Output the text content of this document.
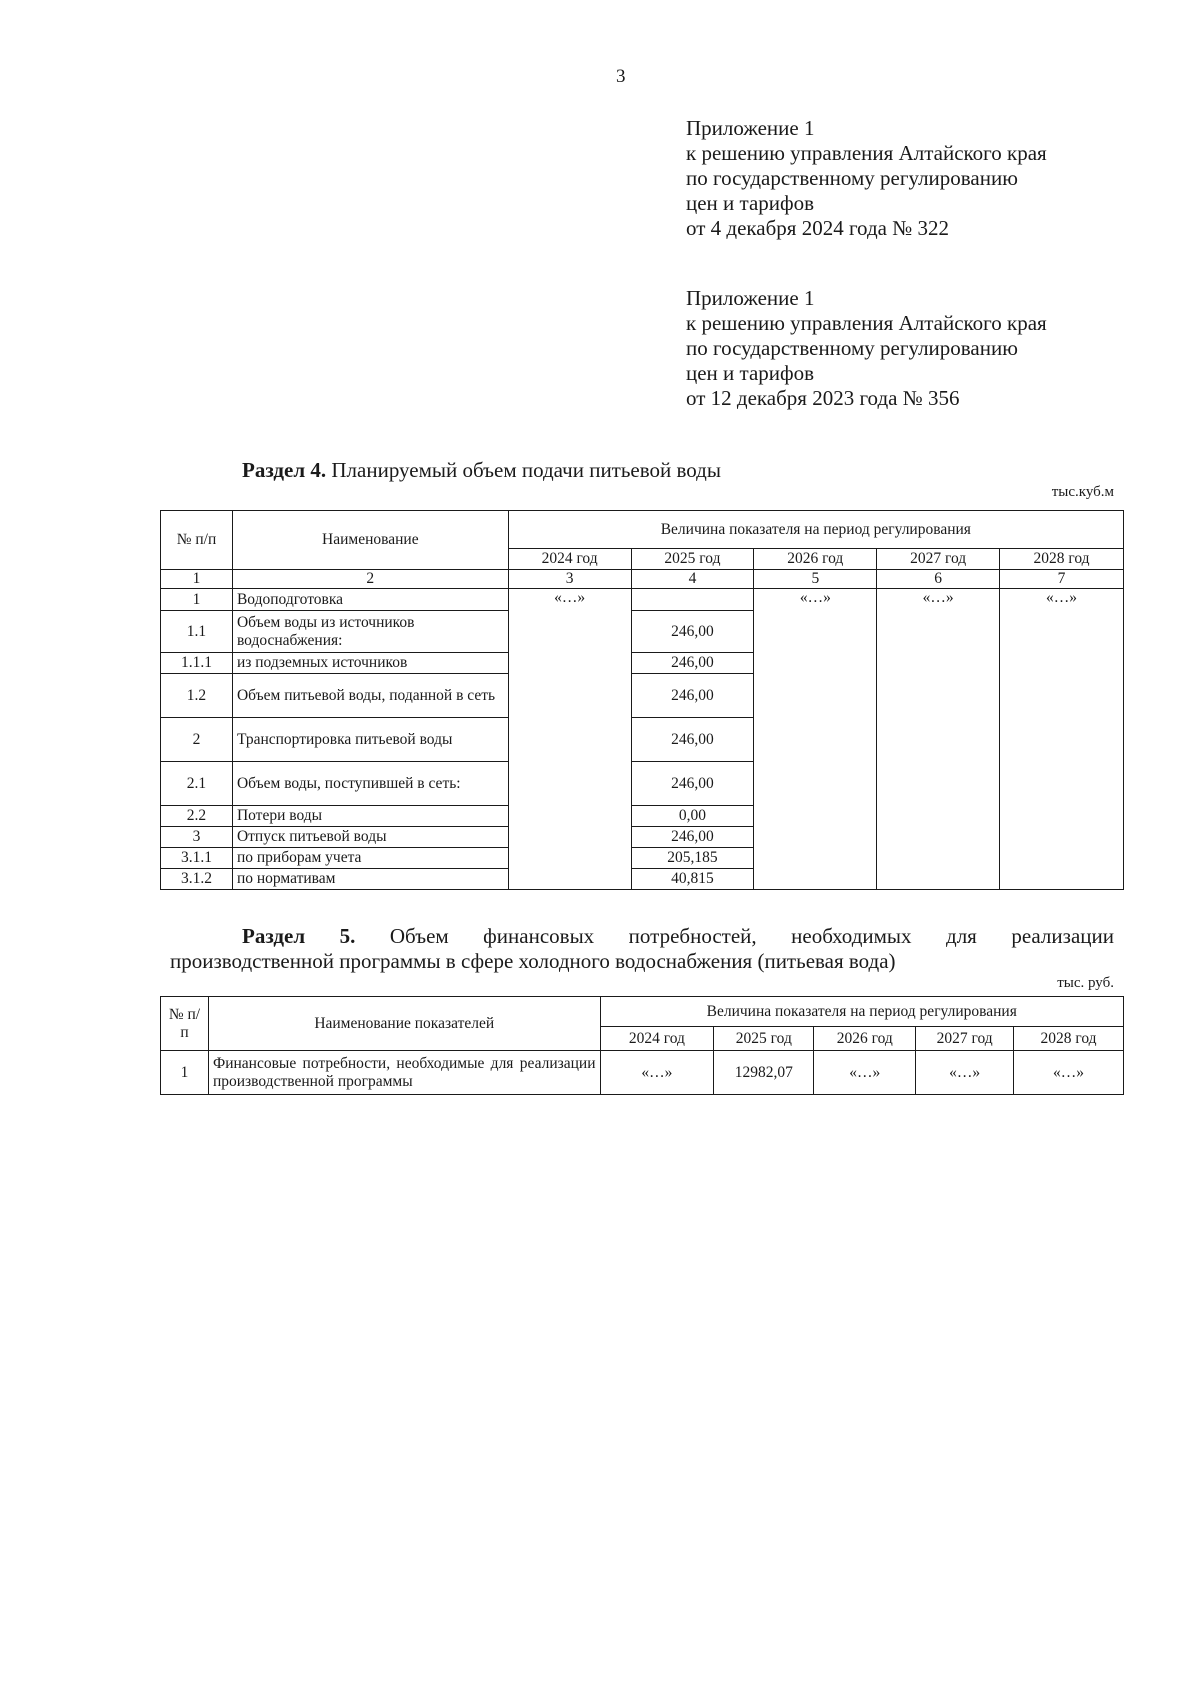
3
Приложение 1
к решению управления Алтайского края
по государственному регулированию
цен и тарифов
от 4 декабря 2024 года № 322
Приложение 1
к решению управления Алтайского края
по государственному регулированию
цен и тарифов
от 12 декабря 2023 года № 356
Раздел 4. Планируемый объем подачи питьевой воды
тыс.куб.м
№ п/п	Наименование	Величина показателя на период регулирования				
		2024 год	2025 год	2026 год	2027 год	2028 год
1	2	3	4	5	6	7
1	Водоподготовка	«…»		«…»	«…»	«…»
1.1	Объем воды из источников водоснабжения:		246,00			
1.1.1	из подземных источников		246,00			
1.2	Объем питьевой воды, поданной в сеть		246,00			
2	Транспортировка питьевой воды		246,00			
2.1	Объем воды, поступившей в сеть:		246,00			
2.2	Потери воды		0,00			
3	Отпуск питьевой воды		246,00			
3.1.1	по приборам учета		205,185			
3.1.2	по нормативам		40,815			
Раздел 5. Объем финансовых потребностей, необходимых для реализации
производственной программы в сфере холодного водоснабжения (питьевая вода)
тыс. руб.
№ п/п	Наименование показателей	Величина показателя на период регулирования				
		2024 год	2025 год	2026 год	2027 год	2028 год
1	Финансовые потребности, необходимые для реализации производственной программы	«…»	12982,07	«…»	«…»	«…»
